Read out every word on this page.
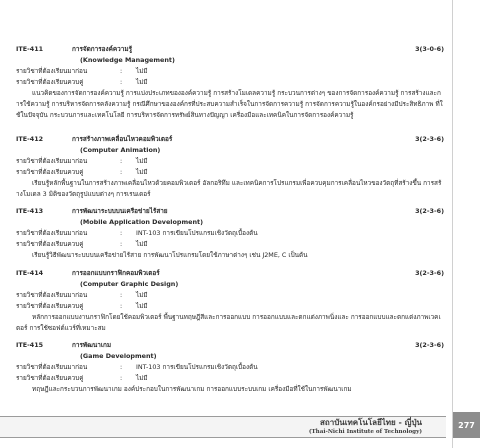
ITE-411	การจัดการองค์ความรู้	3(3-0-6)
(Knowledge Management)
รายวิชาที่ต้องเรียนมาก่อน	: ไม่มี
รายวิชาที่ต้องเรียนควบคู่	: ไม่มี
แนวคิดของการจัดการองค์ความรู้ การแบ่งประเภทขององค์ความรู้ การสร้างโมเดลความรู้ กระบวนการต่างๆ ของการจัดการองค์ความรู้ การสร้างและการใช้ความรู้ การบริหารจัดการคลังความรู้ กรณีศึกษาขององค์กรที่ประสบความสำเร็จในการจัดการความรู้ การจัดการความรู้ในองค์กรอย่างมีประสิทธิภาพ ที่ใช้ในปัจจุบัน กระบวนการและเทคโนโลยี การบริหารจัดการทรัพย์สินทางปัญญา เครื่องมือและเทคนิคในการจัดการองค์ความรู้
ITE-412	การสร้างภาพเคลื่อนไหวคอมพิวเตอร์	3(2-3-6)
(Computer Animation)
รายวิชาที่ต้องเรียนมาก่อน	: ไม่มี
รายวิชาที่ต้องเรียนควบคู่	: ไม่มี
เรียนรู้หลักพื้นฐานในการสร้างภาพเคลื่อนไหวด้วยคอมพิวเตอร์ อัลกอริทึม และเทคนิคการโปรแกรมเพื่อควบคุมการเคลื่อนไหวของวัตถุที่สร้างขึ้น การสร้างโมเดล 3 มิติของวัตถุรูปแบบต่างๆ การเรนเดอร์
ITE-413	การพัฒนาระบบบนเครือข่ายไร้สาย	3(2-3-6)
(Mobile Application Development)
รายวิชาที่ต้องเรียนมาก่อน	: INT-103 การเขียนโปรแกรมเชิงวัตถุเบื้องต้น
รายวิชาที่ต้องเรียนควบคู่	: ไม่มี
เรียนรู้วิธีพัฒนาระบบบนเครือข่ายไร้สาย การพัฒนาโปรแกรมโดยใช้ภาษาต่างๆ เช่น J2ME, C เป็นต้น
ITE-414	การออกแบบกราฟิกคอมพิวเตอร์	3(2-3-6)
(Computer Graphic Design)
รายวิชาที่ต้องเรียนมาก่อน	: ไม่มี
รายวิชาที่ต้องเรียนควบคู่	: ไม่มี
หลักการออกแบบงานกราฟิกโดยใช้คอมพิวเตอร์ พื้นฐานทฤษฎีสีและการออกแบบ การออกแบบและตกแต่งภาพนิ่งและ การออกแบบและตกแต่งภาพเวคเตอร์ การใช้ซอฟต์แวร์ที่เหมาะสม
ITE-415	การพัฒนาเกม	3(2-3-6)
(Game Development)
รายวิชาที่ต้องเรียนมาก่อน	: INT-103 การเขียนโปรแกรมเชิงวัตถุเบื้องต้น
รายวิชาที่ต้องเรียนควบคู่	: ไม่มี
ทฤษฎีและกระบวนการพัฒนาเกม องค์ประกอบในการพัฒนาเกม การออกแบบระบบเกม เครื่องมือที่ใช้ในการพัฒนาเกม
สถาบันเทคโนโลยีไทย - ญี่ปุ่น
(Thai-Nichi Institute of Technology)
277
